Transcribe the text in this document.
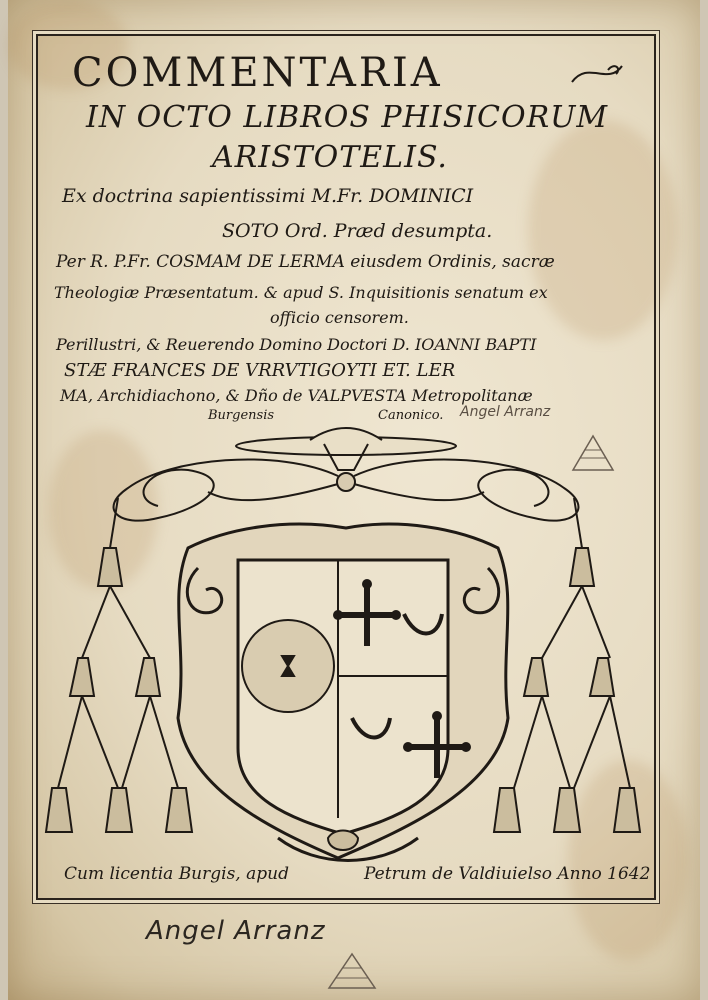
COMMENTARIA
IN OCTO LIBROS PHISICORUM
ARISTOTELIS.
Ex doctrina sapientissimi M.Fr. DOMINICI
SOTO Ord. Præd desumpta.
Per R. P.Fr. COSMAM DE LERMA eiusdem Ordinis, sacræ
Theologiæ Præsentatum. & apud S. Inquisitionis senatum ex
officio censorem.
Perillustri, & Reuerendo Domino Doctori D. IOANNI BAPTI
STÆ FRANCES DE VRRVTIGOYTI ET. LER
MA, Archidiachono, & Dño de VALPVESTA Metropolitanæ
Burgensis	Canonico. Angel Arranz
Cum licentia Burgis, apud	Petrum de Valdiuielso Anno 1642
Angel Arranz
